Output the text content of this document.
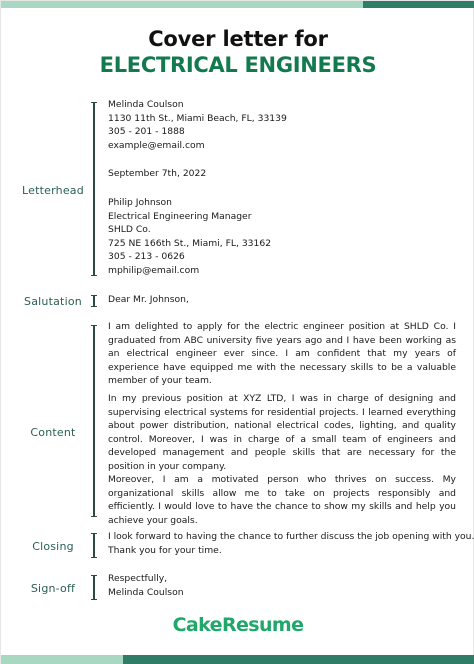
Cover letter for
ELECTRICAL ENGINEERS
Letterhead
Melinda Coulson
1130 11th St., Miami Beach, FL, 33139
305 - 201 - 1888
example@email.com
September 7th, 2022
Philip Johnson
Electrical Engineering Manager
SHLD Co.
725 NE 166th St., Miami, FL, 33162
305 - 213 - 0626
mphilip@email.com
Salutation	Dear Mr. Johnson,
Content

I am delighted to apply for the electric engineer position at SHLD Co. I graduated from ABC university five years ago and I have been working as an electrical engineer ever since. I am confident that my years of experience have equipped me with the necessary skills to be a valuable member of your team.

In my previous position at XYZ LTD, I was in charge of designing and supervising electrical systems for residential projects. I learned everything about power distribution, national electrical codes, lighting, and quality control. Moreover, I was in charge of a small team of engineers and developed management and people skills that are necessary for the position in your company.

Moreover, I am a motivated person who thrives on success. My organizational skills allow me to take on projects responsibly and efficiently. I would love to have the chance to show my skills and help you achieve your goals.

Closing
I look forward to having the chance to further discuss the job opening with you.
Thank you for your time.
Sign-off
Respectfully,
Melinda Coulson
CakeResume
